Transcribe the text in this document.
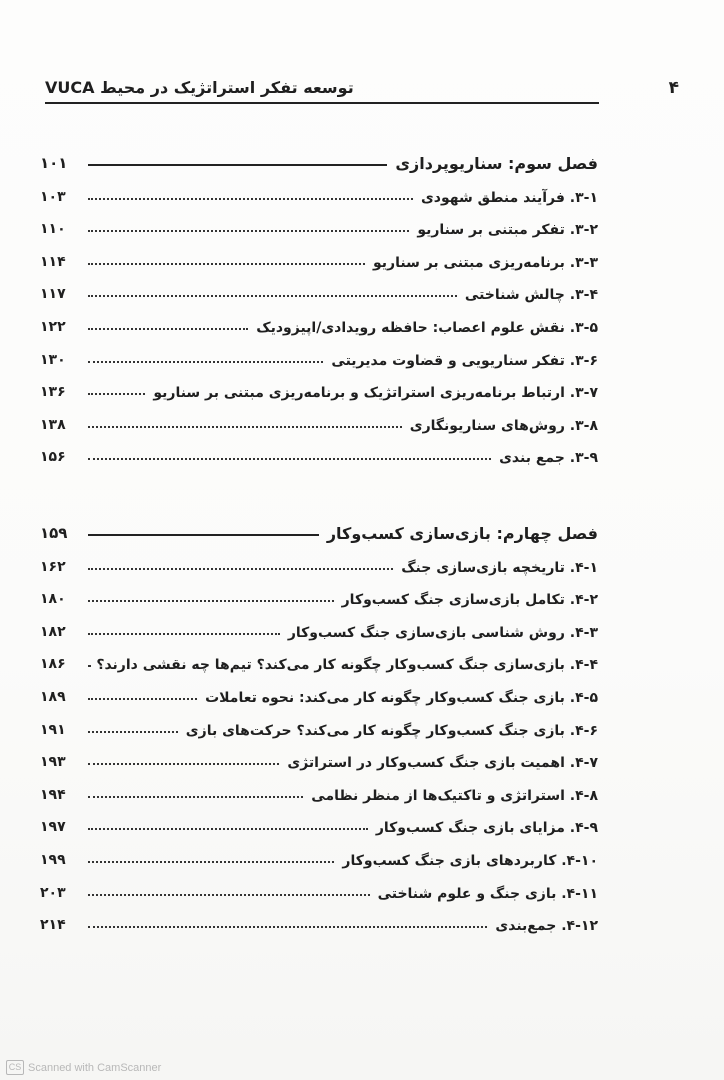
۴
توسعه تفکر استراتژیک در محیط VUCA
۱۰۱	فصل سوم: سناریوپردازی
۱۰۳	۳-۱. فرآیند منطق شهودی
۱۱۰	۳-۲. تفکر مبتنی بر سناریو
۱۱۴	۳-۳. برنامه‌ریزی مبتنی بر سناریو
۱۱۷	۳-۴. چالش شناختی
۱۲۲	۳-۵. نقش علوم اعصاب: حافظه رویدادی/اپیزودیک
۱۳۰	۳-۶. تفکر سناریویی و قضاوت مدیریتی
۱۳۶	۳-۷. ارتباط برنامه‌ریزی استراتژیک و برنامه‌ریزی مبتنی بر سناریو
۱۳۸	۳-۸. روش‌های سناریونگاری
۱۵۶	۳-۹. جمع بندی
۱۵۹	فصل چهارم: بازی‌سازی کسب‌وکار
۱۶۲	۴-۱. تاریخچه بازی‌سازی جنگ
۱۸۰	۴-۲. تکامل بازی‌سازی جنگ کسب‌وکار
۱۸۲	۴-۳. روش شناسی بازی‌سازی جنگ کسب‌وکار
۱۸۶	۴-۴. بازی‌سازی جنگ کسب‌وکار چگونه کار می‌کند؟ تیم‌ها چه نقشی دارند؟
۱۸۹	۴-۵. بازی جنگ کسب‌وکار چگونه کار می‌کند: نحوه تعاملات
۱۹۱	۴-۶. بازی جنگ کسب‌وکار چگونه کار می‌کند؟ حرکت‌های بازی
۱۹۳	۴-۷. اهمیت بازی جنگ کسب‌وکار در استراتژی
۱۹۴	۴-۸. استراتژی و تاکتیک‌ها از منظر نظامی
۱۹۷	۴-۹. مزایای بازی جنگ کسب‌وکار
۱۹۹	۴-۱۰. کاربردهای بازی جنگ کسب‌وکار
۲۰۳	۴-۱۱. بازی جنگ و علوم شناختی
۲۱۴	۴-۱۲. جمع‌بندی
CS Scanned with CamScanner
